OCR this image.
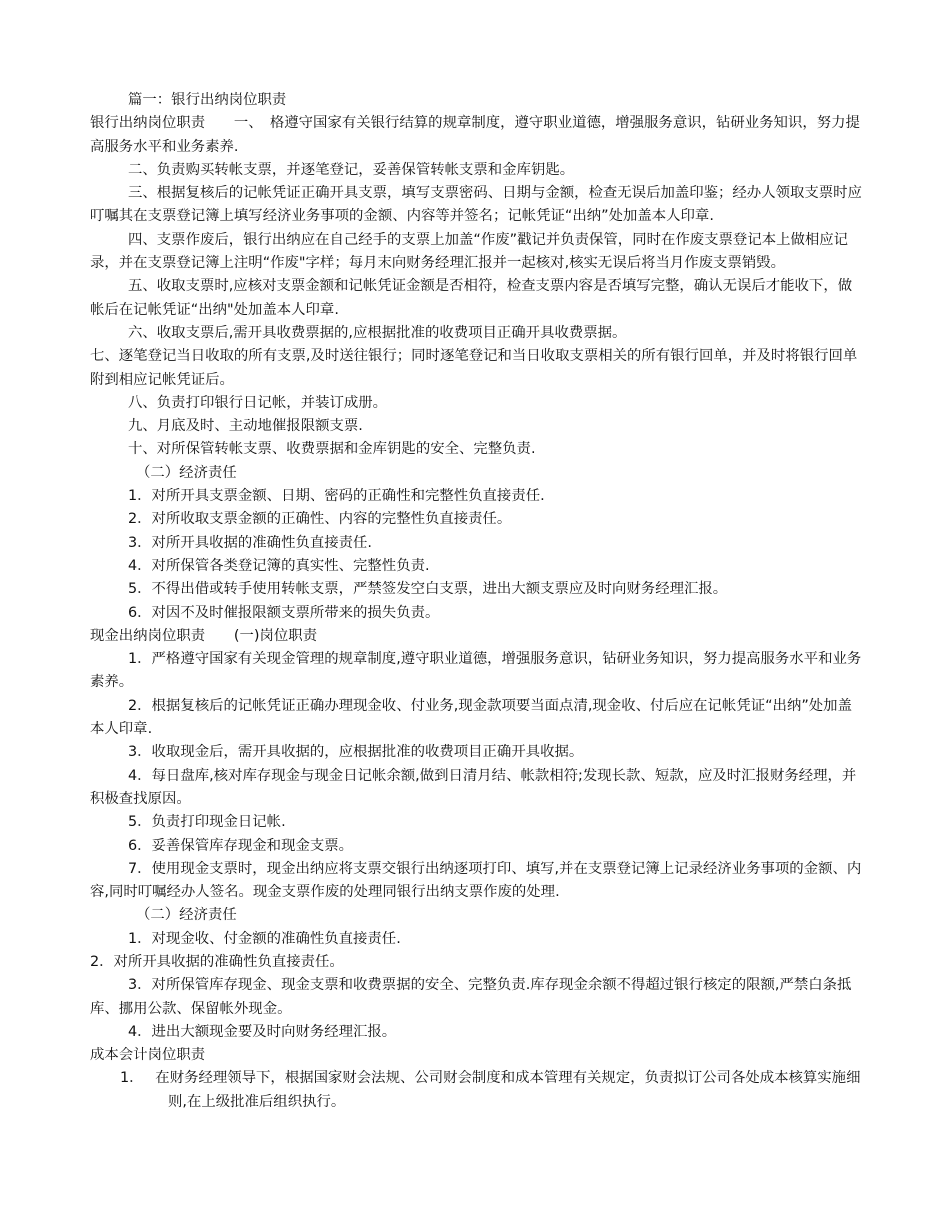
篇一：银行出纳岗位职责

银行出纳岗位职责　　一、　格遵守国家有关银行结算的规章制度，遵守职业道德，增强服务意识，钻研业务知识，努力提高服务水平和业务素养.

二、负责购买转帐支票，并逐笔登记，妥善保管转帐支票和金库钥匙。

三、根据复核后的记帐凭证正确开具支票，填写支票密码、日期与金额，检查无误后加盖印鉴；经办人领取支票时应叮嘱其在支票登记簿上填写经济业务事项的金额、内容等并签名；记帐凭证“出纳”处加盖本人印章.

四、支票作废后，银行出纳应在自己经手的支票上加盖“作废”戳记并负责保管，同时在作废支票登记本上做相应记录，并在支票登记簿上注明“作废"字样；每月末向财务经理汇报并一起核对,核实无误后将当月作废支票销毁。

五、收取支票时,应核对支票金额和记帐凭证金额是否相符，检查支票内容是否填写完整，确认无误后才能收下，做帐后在记帐凭证“出纳"处加盖本人印章.

六、收取支票后,需开具收费票据的,应根据批准的收费项目正确开具收费票据。

七、逐笔登记当日收取的所有支票,及时送往银行；同时逐笔登记和当日收取支票相关的所有银行回单，并及时将银行回单附到相应记帐凭证后。

八、负责打印银行日记帐，并装订成册。

九、月底及时、主动地催报限额支票.

十、对所保管转帐支票、收费票据和金库钥匙的安全、完整负责.

（二）经济责任

1．对所开具支票金额、日期、密码的正确性和完整性负直接责任.

2．对所收取支票金额的正确性、内容的完整性负直接责任。

3．对所开具收据的准确性负直接责任.

4．对所保管各类登记簿的真实性、完整性负责.

5．不得出借或转手使用转帐支票，严禁签发空白支票，进出大额支票应及时向财务经理汇报。

6．对因不及时催报限额支票所带来的损失负责。

现金出纳岗位职责　　(一)岗位职责

1．严格遵守国家有关现金管理的规章制度,遵守职业道德，增强服务意识，钻研业务知识，努力提高服务水平和业务素养。

2．根据复核后的记帐凭证正确办理现金收、付业务,现金款项要当面点清,现金收、付后应在记帐凭证“出纳”处加盖本人印章.

3．收取现金后，需开具收据的，应根据批准的收费项目正确开具收据。

4．每日盘库,核对库存现金与现金日记帐余额,做到日清月结、帐款相符;发现长款、短款，应及时汇报财务经理，并积极查找原因。

5．负责打印现金日记帐.

6．妥善保管库存现金和现金支票。

7．使用现金支票时，现金出纳应将支票交银行出纳逐项打印、填写,并在支票登记簿上记录经济业务事项的金额、内容,同时叮嘱经办人签名。现金支票作废的处理同银行出纳支票作废的处理.

（二）经济责任

1．对现金收、付金额的准确性负直接责任.

2．对所开具收据的准确性负直接责任。

3．对所保管库存现金、现金支票和收费票据的安全、完整负责.库存现金余额不得超过银行核定的限额,严禁白条抵库、挪用公款、保留帐外现金。

4．进出大额现金要及时向财务经理汇报。

成本会计岗位职责

1．　 在财务经理领导下，根据国家财会法规、公司财会制度和成本管理有关规定，负责拟订公司各处成本核算实施细则,在上级批准后组织执行。
